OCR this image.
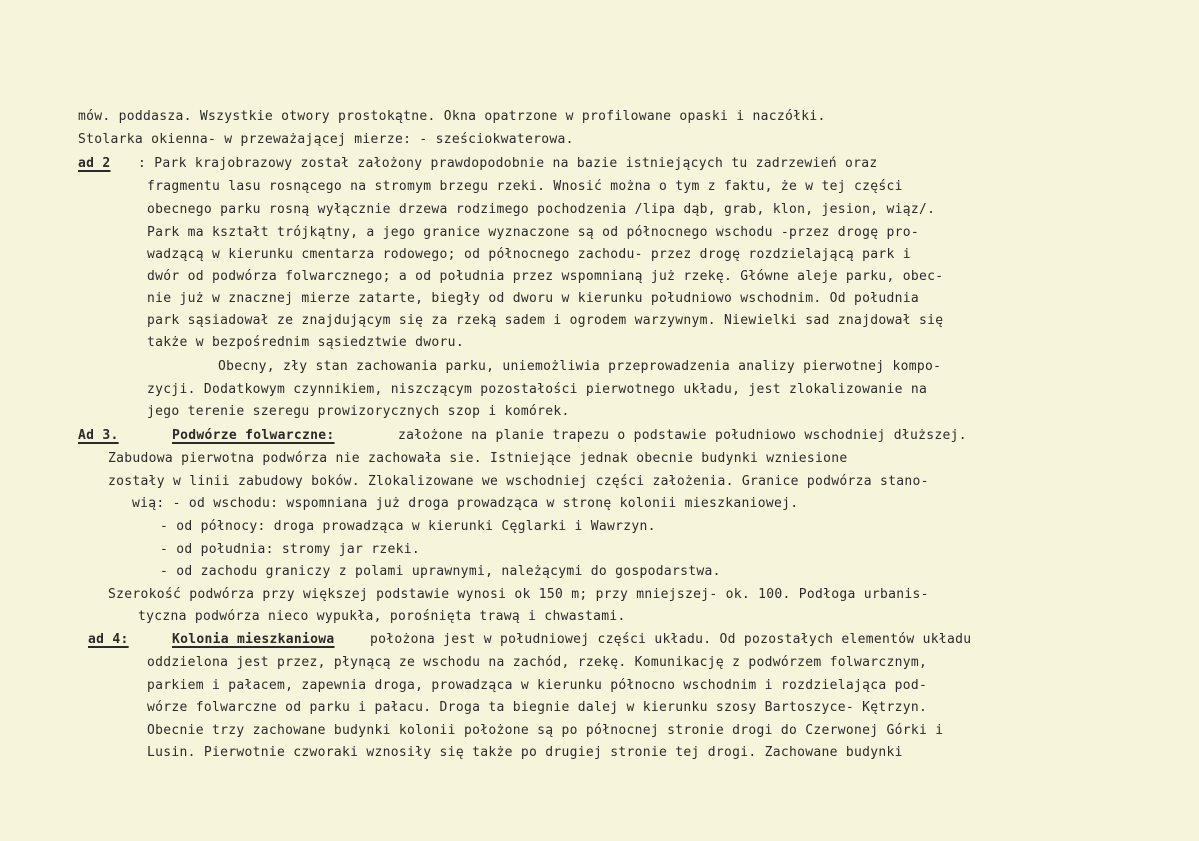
mów. poddasza. Wszystkie otwory prostokątne. Okna opatrzone w profilowane opaski i naczółki.
Stolarka okienna- w przeważającej mierze: - sześciokwaterowa.
ad 2 : Park krajobrazowy został założony prawdopodobnie na bazie istniejących tu zadrzewień oraz
fragmentu lasu rosnącego na stromym brzegu rzeki. Wnosić można o tym z faktu, że w tej części
obecnego parku rosną wyłącznie drzewa rodzimego pochodzenia /lipa dąb, grab, klon, jesion, wiąz/.
Park ma kształt trójkątny, a jego granice wyznaczone są od północnego wschodu -przez drogę pro-
wadzącą w kierunku cmentarza rodowego; od północnego zachodu- przez drogę rozdzielającą park i
dwór od podwórza folwarcznego; a od południa przez wspomnianą już rzekę. Główne aleje parku, obec-
nie już w znacznej mierze zatarte, biegły od dworu w kierunku południowo wschodnim. Od południa
park sąsiadował ze znajdującym się za rzeką sadem i ogrodem warzywnym. Niewielki sad znajdował się
także w bezpośrednim sąsiedztwie dworu.
Obecny, zły stan zachowania parku, uniemożliwia przeprowadzenia analizy pierwotnej kompo-
zycji. Dodatkowym czynnikiem, niszczącym pozostałości pierwotnego układu, jest zlokalizowanie na
jego terenie szeregu prowizorycznych szop i komórek.
Ad 3.	Podwórze folwarczne:	założone na planie trapezu o podstawie południowo wschodniej dłuższej.
Zabudowa pierwotna podwórza nie zachowała sie. Istniejące jednak obecnie budynki wzniesione
zostały w linii zabudowy boków. Zlokalizowane we wschodniej części założenia. Granice podwórza stano-
wią: - od wschodu: wspomniana już droga prowadząca w stronę kolonii mieszkaniowej.
- od północy: droga prowadząca w kierunki Cęglarki i Wawrzyn.
- od południa: stromy jar rzeki.
- od zachodu graniczy z polami uprawnymi, należącymi do gospodarstwa.
Szerokość podwórza przy większej podstawie wynosi ok 150 m; przy mniejszej- ok. 100. Podłoga urbanis-
tyczna podwórza nieco wypukła, porośnięta trawą i chwastami.
ad 4:	Kolonia mieszkaniowa	położona jest w południowej części układu. Od pozostałych elementów układu
oddzielona jest przez, płynącą ze wschodu na zachód, rzekę. Komunikację z podwórzem folwarcznym,
parkiem i pałacem, zapewnia droga, prowadząca w kierunku północno wschodnim i rozdzielająca pod-
wórze folwarczne od parku i pałacu. Droga ta biegnie dalej w kierunku szosy Bartoszyce- Kętrzyn.
Obecnie trzy zachowane budynki kolonii położone są po północnej stronie drogi do Czerwonej Górki i
Lusin. Pierwotnie czworaki wznosiły się także po drugiej stronie tej drogi. Zachowane budynki
